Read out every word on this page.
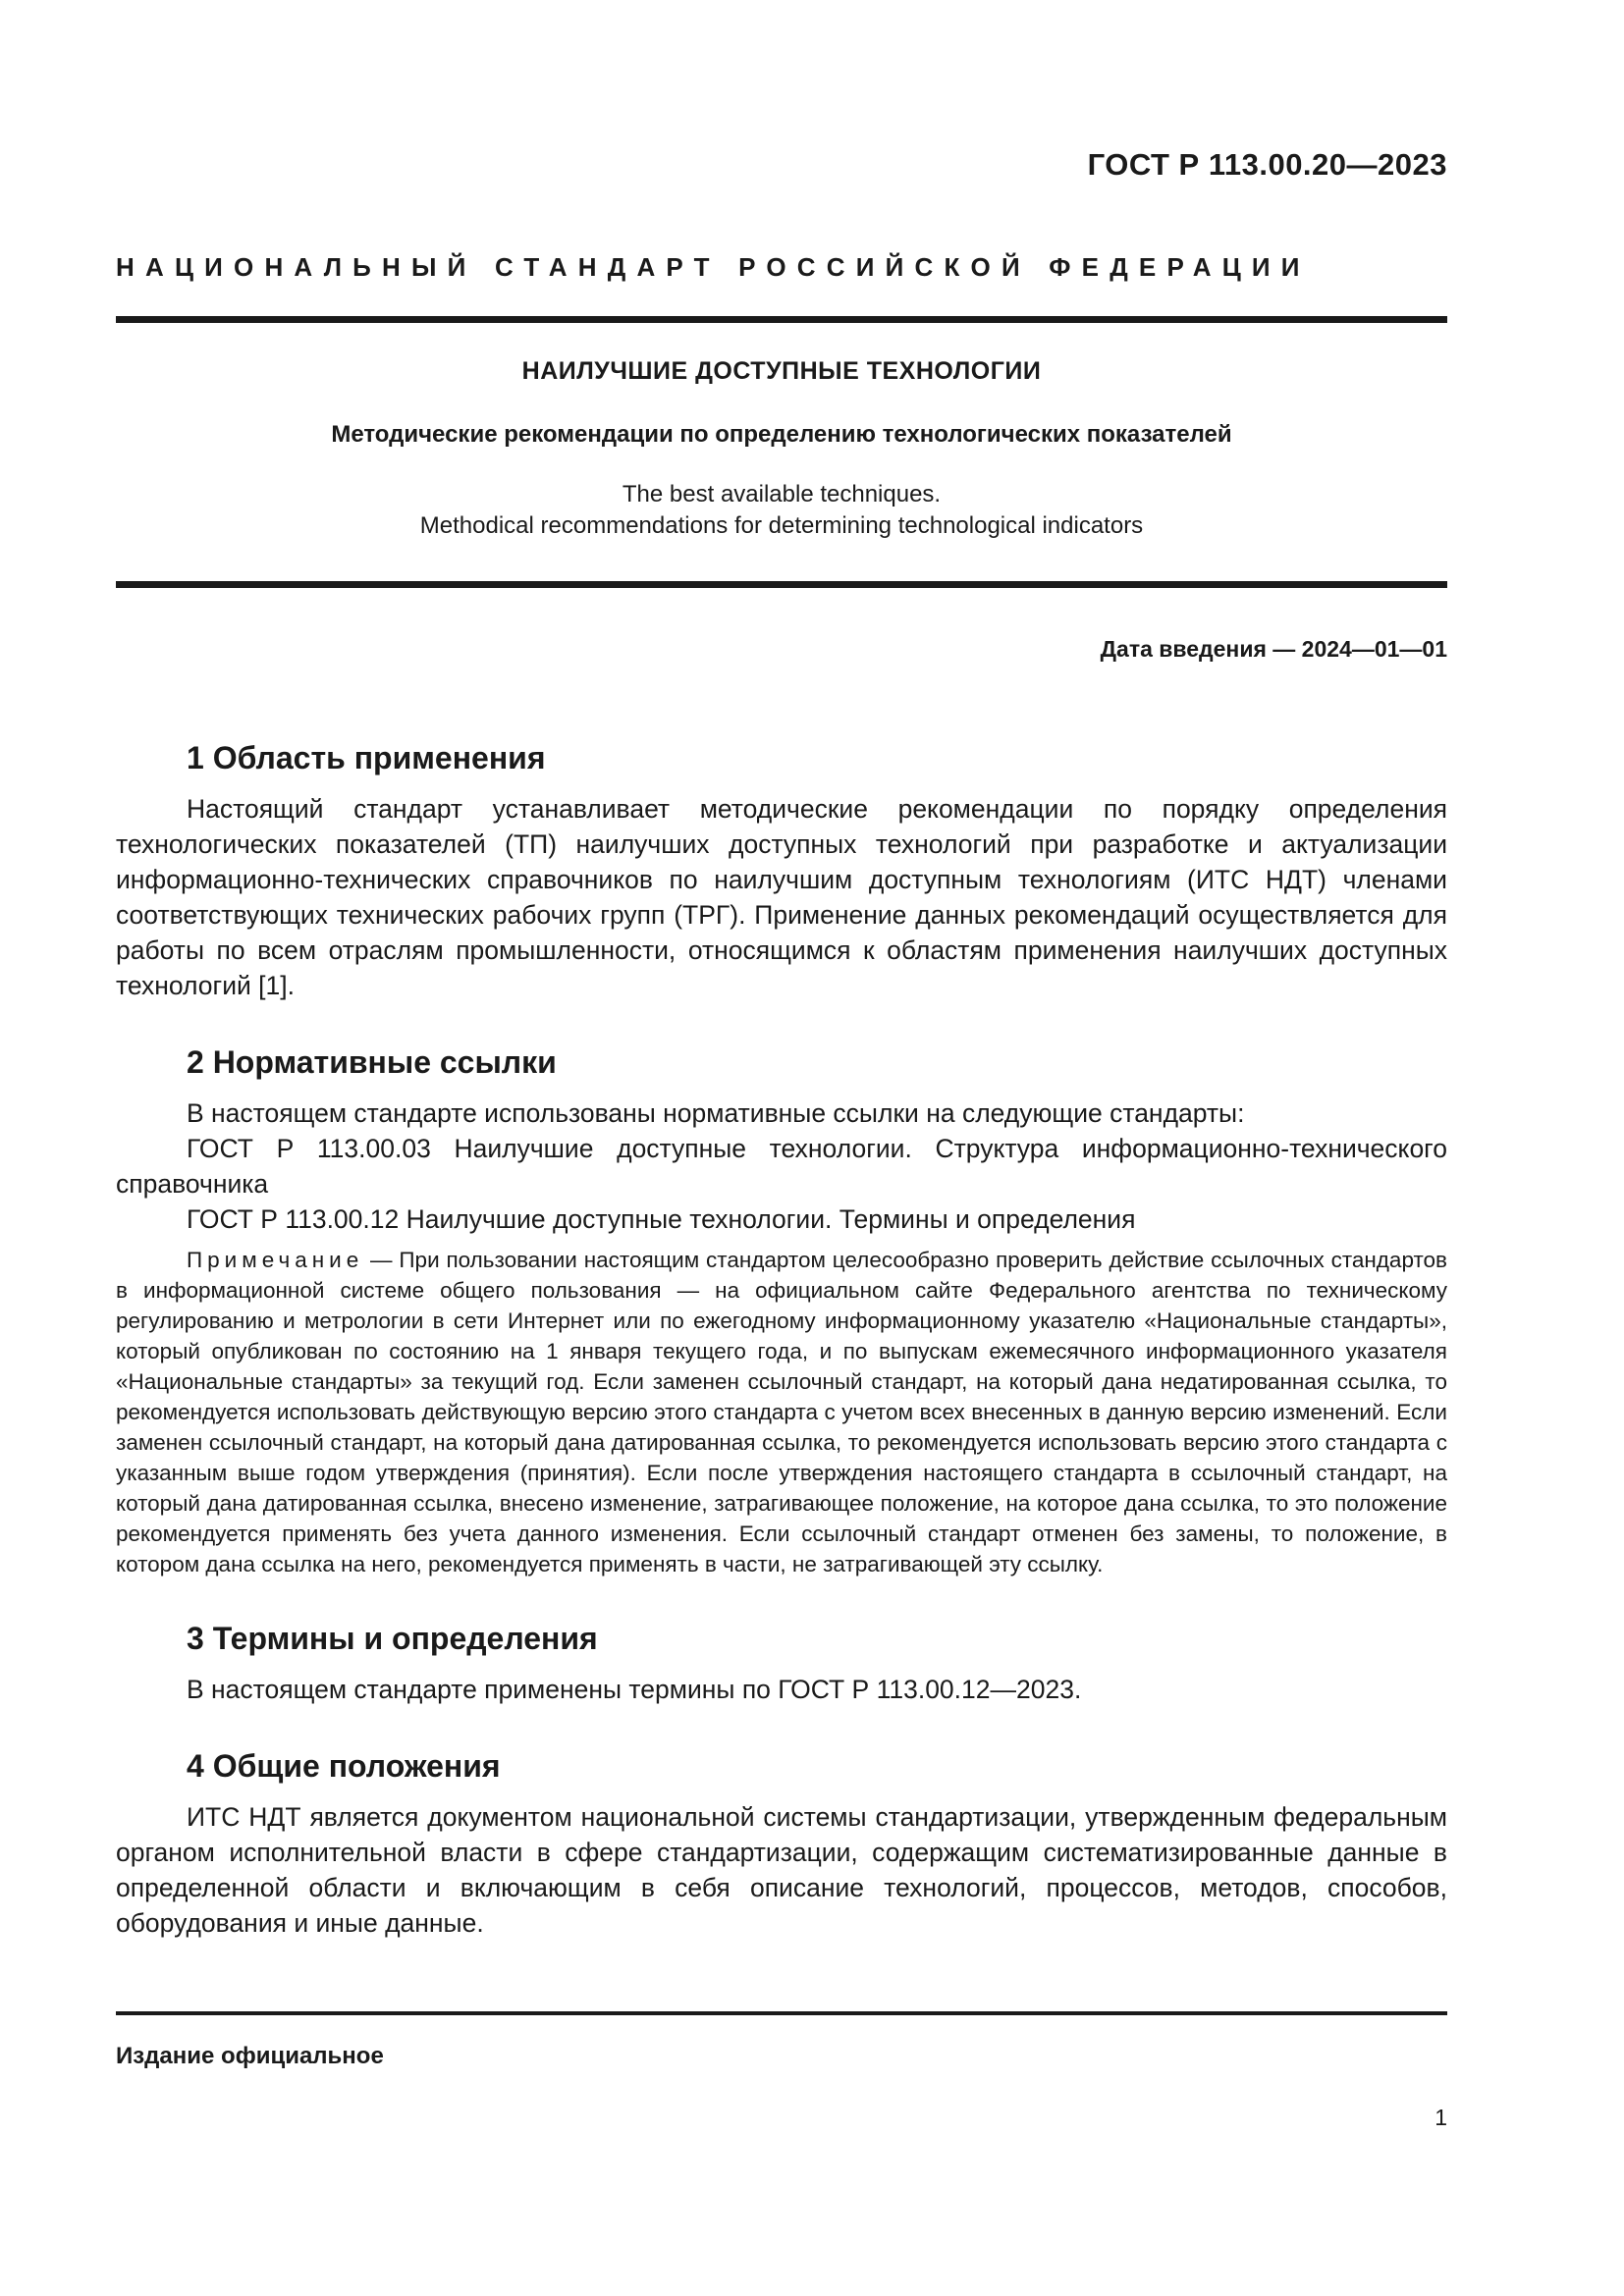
ГОСТ Р 113.00.20—2023
НАЦИОНАЛЬНЫЙ СТАНДАРТ РОССИЙСКОЙ ФЕДЕРАЦИИ

НАИЛУЧШИЕ ДОСТУПНЫЕ ТЕХНОЛОГИИ

Методические рекомендации по определению технологических показателей

The best available techniques.
Methodical recommendations for determining technological indicators
Дата введения — 2024—01—01
1 Область применения

Настоящий стандарт устанавливает методические рекомендации по порядку определения технологических показателей (ТП) наилучших доступных технологий при разработке и актуализации информационно-технических справочников по наилучшим доступным технологиям (ИТС НДТ) членами соответствующих технических рабочих групп (ТРГ). Применение данных рекомендаций осуществляется для работы по всем отраслям промышленности, относящимся к областям применения наилучших доступных технологий [1].

2 Нормативные ссылки

В настоящем стандарте использованы нормативные ссылки на следующие стандарты:

ГОСТ Р 113.00.03 Наилучшие доступные технологии. Структура информационно-технического справочника

ГОСТ Р 113.00.12 Наилучшие доступные технологии. Термины и определения

Примечание — При пользовании настоящим стандартом целесообразно проверить действие ссылочных стандартов в информационной системе общего пользования — на официальном сайте Федерального агентства по техническому регулированию и метрологии в сети Интернет или по ежегодному информационному указателю «Национальные стандарты», который опубликован по состоянию на 1 января текущего года, и по выпускам ежемесячного информационного указателя «Национальные стандарты» за текущий год. Если заменен ссылочный стандарт, на который дана недатированная ссылка, то рекомендуется использовать действующую версию этого стандарта с учетом всех внесенных в данную версию изменений. Если заменен ссылочный стандарт, на который дана датированная ссылка, то рекомендуется использовать версию этого стандарта с указанным выше годом утверждения (принятия). Если после утверждения настоящего стандарта в ссылочный стандарт, на который дана датированная ссылка, внесено изменение, затрагивающее положение, на которое дана ссылка, то это положение рекомендуется применять без учета данного изменения. Если ссылочный стандарт отменен без замены, то положение, в котором дана ссылка на него, рекомендуется применять в части, не затрагивающей эту ссылку.

3 Термины и определения

В настоящем стандарте применены термины по ГОСТ Р 113.00.12—2023.

4 Общие положения

ИТС НДТ является документом национальной системы стандартизации, утвержденным федеральным органом исполнительной власти в сфере стандартизации, содержащим систематизированные данные в определенной области и включающим в себя описание технологий, процессов, методов, способов, оборудования и иные данные.

Издание официальное
1
